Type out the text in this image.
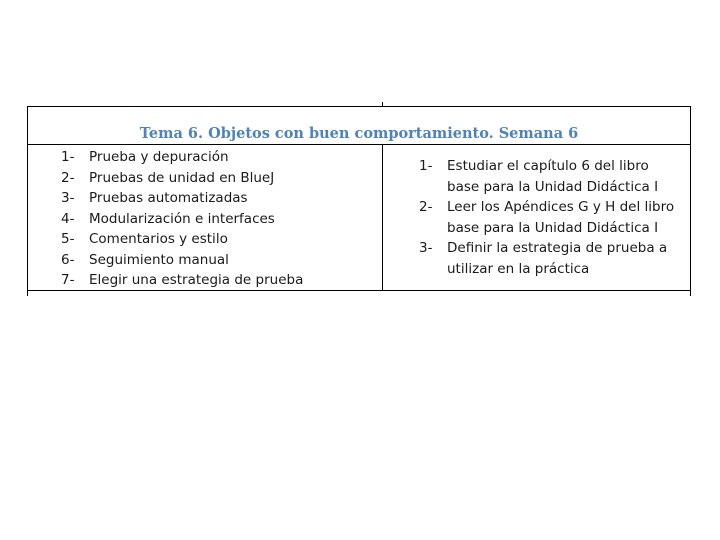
Tema 6. Objetos con buen comportamiento. Semana 6
1-	Prueba y depuración
2-	Pruebas de unidad en BlueJ
3-	Pruebas automatizadas
4-	Modularización e interfaces
5-	Comentarios y estilo
6-	Seguimiento manual
7-	Elegir una estrategia de prueba
1-	Estudiar el capítulo 6 del libro
base para la Unidad Didáctica I
2-	Leer los Apéndices G y H del libro
base para la Unidad Didáctica I
3-	Definir la estrategia de prueba a
utilizar en la práctica
